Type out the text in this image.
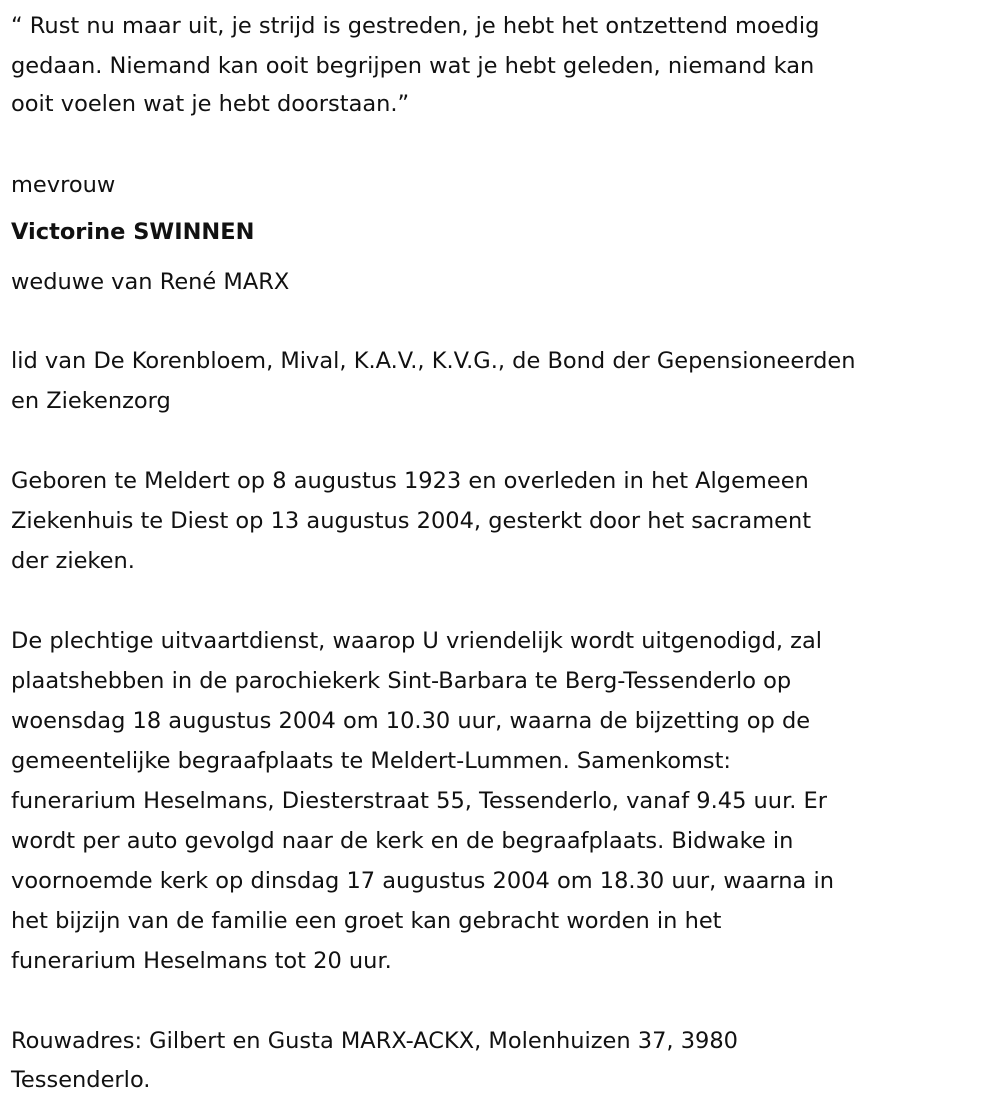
“ Rust nu maar uit, je strijd is gestreden, je hebt het ontzettend moedig
gedaan. Niemand kan ooit begrijpen wat je hebt geleden, niemand kan
ooit voelen wat je hebt doorstaan.”
mevrouw
Victorine SWINNEN
weduwe van René MARX
lid van De Korenbloem, Mival, K.A.V., K.V.G., de Bond der Gepensioneerden
en Ziekenzorg
Geboren te Meldert op 8 augustus 1923 en overleden in het Algemeen
Ziekenhuis te Diest op 13 augustus 2004, gesterkt door het sacrament
der zieken.
De plechtige uitvaartdienst, waarop U vriendelijk wordt uitgenodigd, zal
plaatshebben in de parochiekerk Sint-Barbara te Berg-Tessenderlo op
woensdag 18 augustus 2004 om 10.30 uur, waarna de bijzetting op de
gemeentelijke begraafplaats te Meldert-Lummen. Samenkomst:
funerarium Heselmans, Diesterstraat 55, Tessenderlo, vanaf 9.45 uur. Er
wordt per auto gevolgd naar de kerk en de begraafplaats. Bidwake in
voornoemde kerk op dinsdag 17 augustus 2004 om 18.30 uur, waarna in
het bijzijn van de familie een groet kan gebracht worden in het
funerarium Heselmans tot 20 uur.
Rouwadres: Gilbert en Gusta MARX-ACKX, Molenhuizen 37, 3980
Tessenderlo.
